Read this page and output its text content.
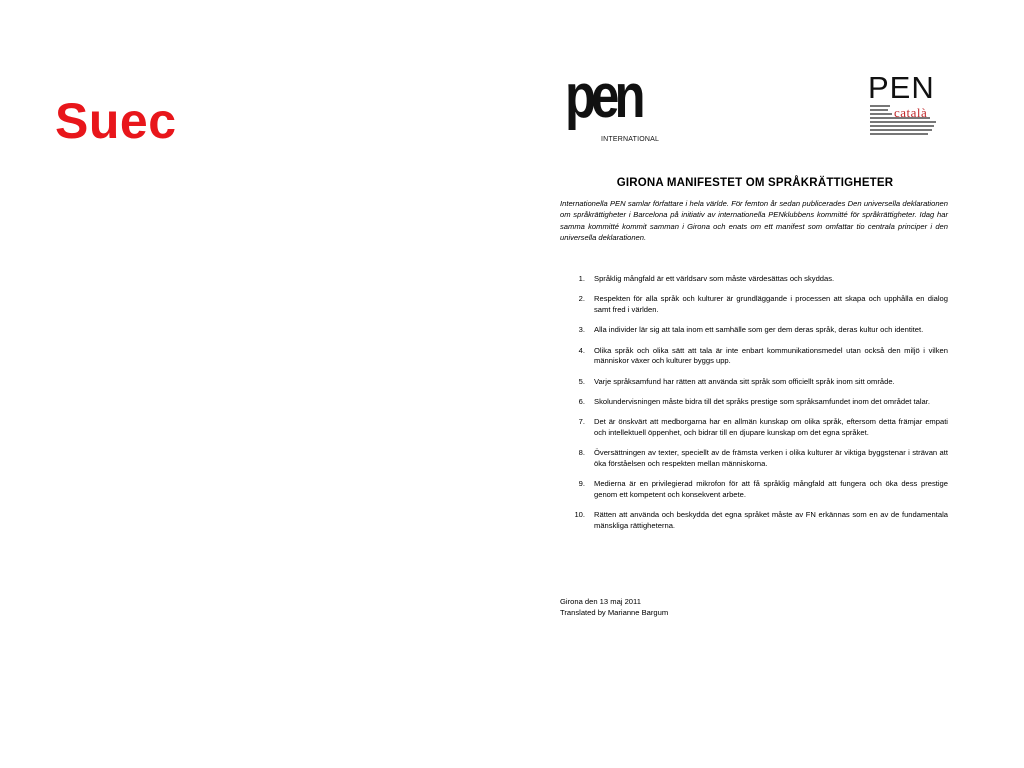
Suec	pen
INTERNATIONAL
PEN
català
GIRONA MANIFESTET OM SPRÅKRÄTTIGHETER
Internationella PEN samlar författare i hela världe. För femton år sedan publicerades Den universella deklarationen om språkrättigheter i Barcelona på initiativ av internationella PENklubbens kommitté för språkrättigheter. Idag har samma kommitté kommit samman i Girona och enats om ett manifest som omfattar tio centrala principer i den universella deklarationen.
1.	Språklig mångfald är ett världsarv som måste värdesättas och skyddas.
2.	Respekten för alla språk och kulturer är grundläggande i processen att skapa och upphålla en dialog samt fred i världen.
3.	Alla individer lär sig att tala inom ett samhälle som ger dem deras språk, deras kultur och identitet.
4.	Olika språk och olika sätt att tala är inte enbart kommunikationsmedel utan också den miljö i vilken människor växer och kulturer byggs upp.
5.	Varje språksamfund har rätten att använda sitt språk som officiellt språk inom sitt område.
6.	Skolundervisningen måste bidra till det språks prestige som språksamfundet inom det området talar.
7.	Det är önskvärt att medborgarna har en allmän kunskap om olika språk, eftersom detta främjar empati och intellektuell öppenhet, och bidrar till en djupare kunskap om det egna språket.
8.	Översättningen av texter, speciellt av de främsta verken i olika kulturer är viktiga byggstenar i strävan att öka förståelsen och respekten mellan människorna.
9.	Medierna är en privilegierad mikrofon för att få språklig mångfald att fungera och öka dess prestige genom ett kompetent och konsekvent arbete.
10.	Rätten att använda och beskydda det egna språket måste av FN erkännas som en av de fundamentala mänskliga rättigheterna.
Girona den 13 maj 2011
Translated by Marianne Bargum
